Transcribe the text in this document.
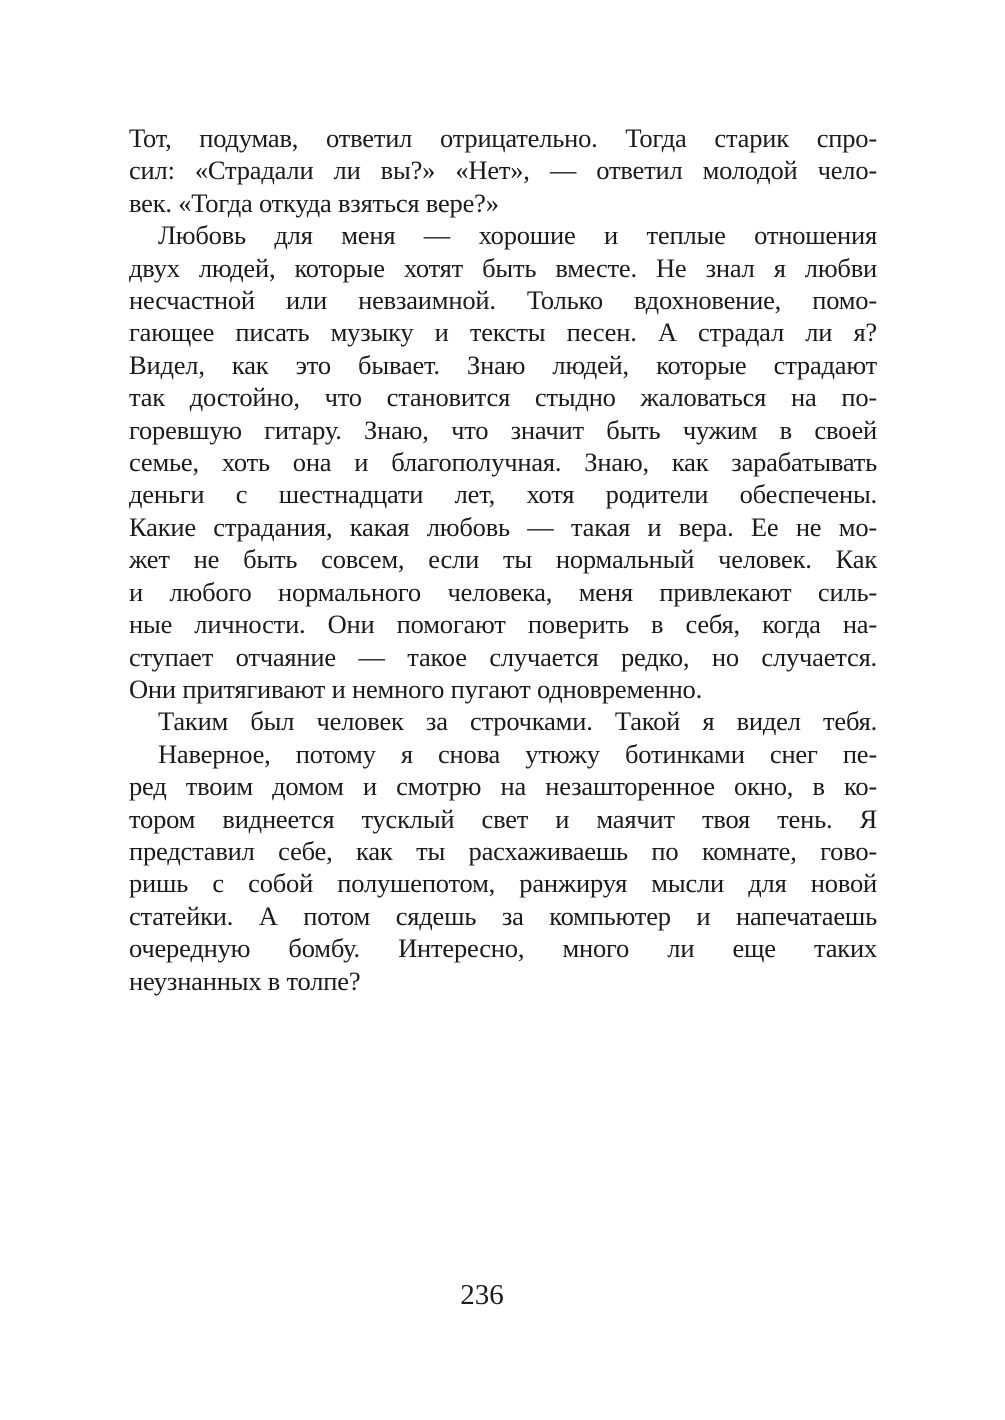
Тот, подумав, ответил отрицательно. Тогда старик спро-
сил: «Страдали ли вы?» «Нет», — ответил молодой чело-
век. «Тогда откуда взяться вере?»
Любовь для меня — хорошие и теплые отношения
двух людей, которые хотят быть вместе. Не знал я любви
несчастной или невзаимной. Только вдохновение, помо-
гающее писать музыку и тексты песен. А страдал ли я?
Видел, как это бывает. Знаю людей, которые страдают
так достойно, что становится стыдно жаловаться на по-
горевшую гитару. Знаю, что значит быть чужим в своей
семье, хоть она и благополучная. Знаю, как зарабатывать
деньги с шестнадцати лет, хотя родители обеспечены.
Какие страдания, какая любовь — такая и вера. Ее не мо-
жет не быть совсем, если ты нормальный человек. Как
и любого нормального человека, меня привлекают силь-
ные личности. Они помогают поверить в себя, когда на-
ступает отчаяние — такое случается редко, но случается.
Они притягивают и немного пугают одновременно.
Таким был человек за строчками. Такой я видел тебя.
Наверное, потому я снова утюжу ботинками снег пе-
ред твоим домом и смотрю на незашторенное окно, в ко-
тором виднеется тусклый свет и маячит твоя тень. Я
представил себе, как ты расхаживаешь по комнате, гово-
ришь с собой полушепотом, ранжируя мысли для новой
статейки. А потом сядешь за компьютер и напечатаешь
очередную бомбу. Интересно, много ли еще таких
неузнанных в толпе?
236
